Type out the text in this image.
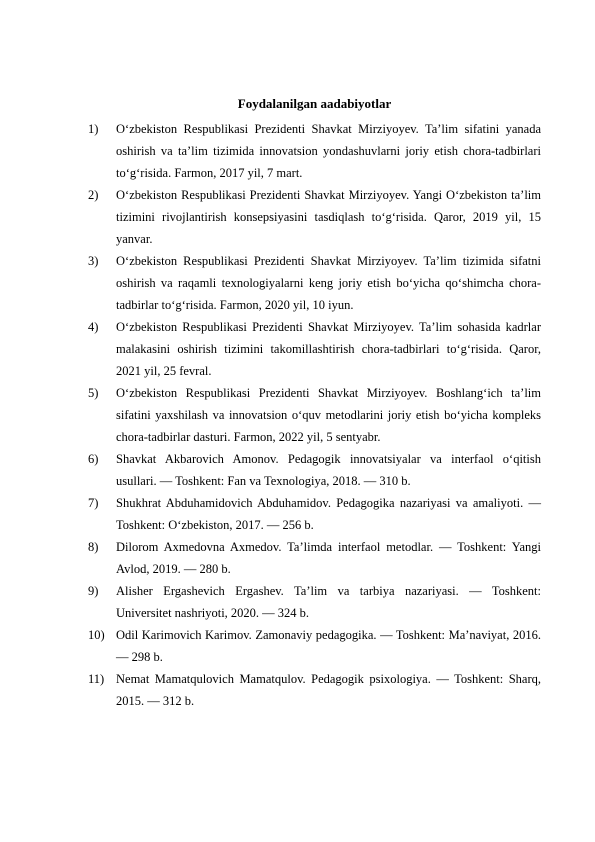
Foydalanilgan aadabiyotlar
1)	O‘zbekiston Respublikasi Prezidenti Shavkat Mirziyoyev. Ta’lim sifatini yanada oshirish va ta’lim tizimida innovatsion yondashuvlarni joriy etish chora-tadbirlari to‘g‘risida. Farmon, 2017 yil, 7 mart.
2)	O‘zbekiston Respublikasi Prezidenti Shavkat Mirziyoyev. Yangi O‘zbekiston ta’lim tizimini rivojlantirish konsepsiyasini tasdiqlash to‘g‘risida. Qaror, 2019 yil, 15 yanvar.
3)	O‘zbekiston Respublikasi Prezidenti Shavkat Mirziyoyev. Ta’lim tizimida sifatni oshirish va raqamli texnologiyalarni keng joriy etish bo‘yicha qo‘shimcha chora-tadbirlar to‘g‘risida. Farmon, 2020 yil, 10 iyun.
4)	O‘zbekiston Respublikasi Prezidenti Shavkat Mirziyoyev. Ta’lim sohasida kadrlar malakasini oshirish tizimini takomillashtirish chora-tadbirlari to‘g‘risida. Qaror, 2021 yil, 25 fevral.
5)	O‘zbekiston Respublikasi Prezidenti Shavkat Mirziyoyev. Boshlang‘ich ta’lim sifatini yaxshilash va innovatsion o‘quv metodlarini joriy etish bo‘yicha kompleks chora-tadbirlar dasturi. Farmon, 2022 yil, 5 sentyabr.
6)	Shavkat Akbarovich Amonov. Pedagogik innovatsiyalar va interfaol o‘qitish usullari. — Toshkent: Fan va Texnologiya, 2018. — 310 b.
7)	Shukhrat Abduhamidovich Abduhamidov. Pedagogika nazariyasi va amaliyoti. — Toshkent: O‘zbekiston, 2017. — 256 b.
8)	Dilorom Axmedovna Axmedov. Ta’limda interfaol metodlar. — Toshkent: Yangi Avlod, 2019. — 280 b.
9)	Alisher Ergashevich Ergashev. Ta’lim va tarbiya nazariyasi. — Toshkent: Universitet nashriyoti, 2020. — 324 b.
10) Odil Karimovich Karimov. Zamonaviy pedagogika. — Toshkent: Ma’naviyat, 2016. — 298 b.
11) Nemat Mamatqulovich Mamatqulov. Pedagogik psixologiya. — Toshkent: Sharq, 2015. — 312 b.
